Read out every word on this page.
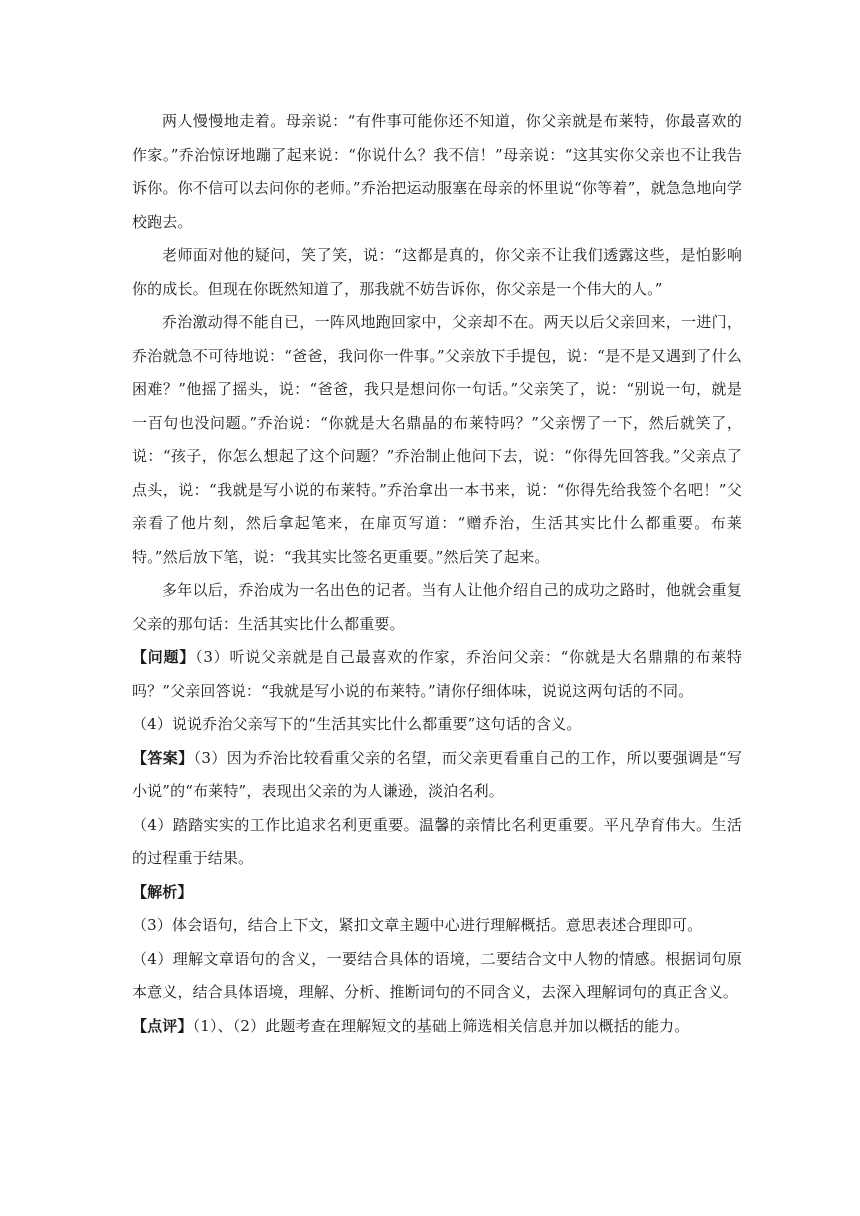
两人慢慢地走着。母亲说：“有件事可能你还不知道，你父亲就是布莱特，你最喜欢的作家。”乔治惊讶地蹦了起来说：“你说什么？我不信！”母亲说：“这其实你父亲也不让我告诉你。你不信可以去问你的老师。”乔治把运动服塞在母亲的怀里说“你等着”，就急急地向学校跑去。

老师面对他的疑问，笑了笑，说：“这都是真的，你父亲不让我们透露这些，是怕影响你的成长。但现在你既然知道了，那我就不妨告诉你，你父亲是一个伟大的人。”

乔治激动得不能自已，一阵风地跑回家中，父亲却不在。两天以后父亲回来，一进门，乔治就急不可待地说：“爸爸，我问你一件事。”父亲放下手提包，说：“是不是又遇到了什么困难？”他摇了摇头，说：“爸爸，我只是想问你一句话。”父亲笑了，说：“别说一句，就是一百句也没问题。”乔治说：“你就是大名鼎晶的布莱特吗？”父亲愣了一下，然后就笑了，说：“孩子，你怎么想起了这个问题？”乔治制止他问下去，说：“你得先回答我。”父亲点了点头，说：“我就是写小说的布莱特。”乔治拿出一本书来，说：“你得先给我签个名吧！”父亲看了他片刻，然后拿起笔来，在扉页写道：“赠乔治，生活其实比什么都重要。布莱特。”然后放下笔，说：“我其实比签名更重要。”然后笑了起来。

多年以后，乔治成为一名出色的记者。当有人让他介绍自己的成功之路时，他就会重复父亲的那句话：生活其实比什么都重要。

【问题】（3）听说父亲就是自己最喜欢的作家，乔治问父亲：“你就是大名鼎鼎的布莱特吗？”父亲回答说：“我就是写小说的布莱特。”请你仔细体味，说说这两句话的不同。

（4）说说乔治父亲写下的“生活其实比什么都重要”这句话的含义。

【答案】（3）因为乔治比较看重父亲的名望，而父亲更看重自己的工作，所以要强调是“写小说”的“布莱特”，表现出父亲的为人谦逊，淡泊名利。

（4）踏踏实实的工作比追求名利更重要。温馨的亲情比名利更重要。平凡孕育伟大。生活的过程重于结果。

【解析】

（3）体会语句，结合上下文，紧扣文章主题中心进行理解概括。意思表述合理即可。

（4）理解文章语句的含义，一要结合具体的语境，二要结合文中人物的情感。根据词句原本意义，结合具体语境，理解、分析、推断词句的不同含义，去深入理解词句的真正含义。

【点评】（1）、（2）此题考查在理解短文的基础上筛选相关信息并加以概括的能力。
